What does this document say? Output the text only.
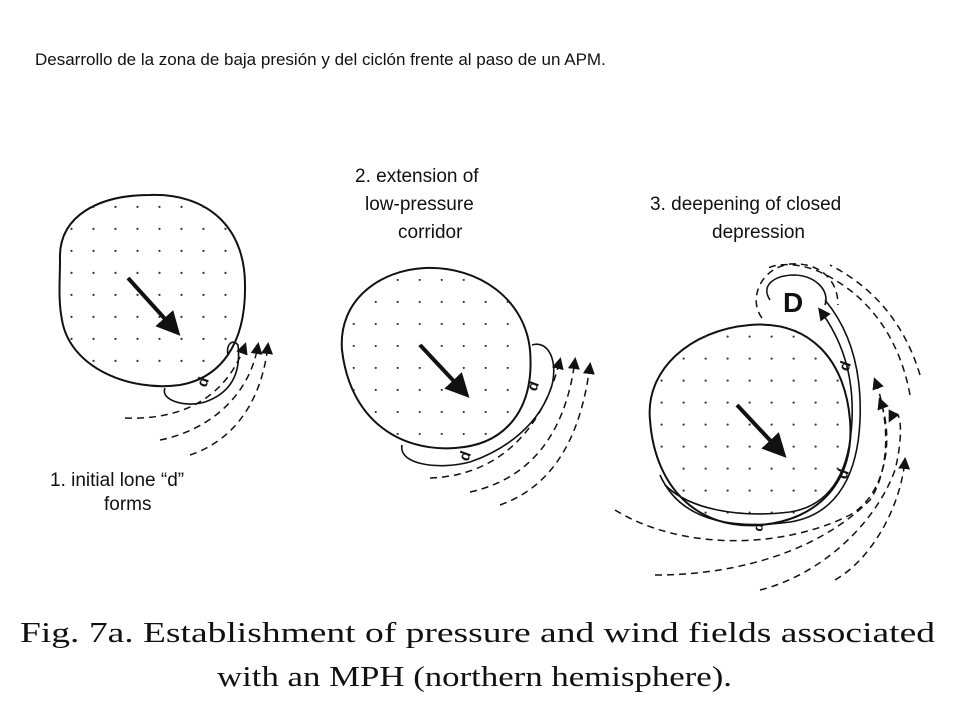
Desarrollo de la zona de baja presión y del ciclón frente al paso de un APM.
d
1. initial lone “d”
forms
2. extension of
low-pressure
corridor
d
d
3. deepening of closed
depression
D
d
d
d
Fig. 7a. Establishment of pressure and wind fields associated
with an MPH (northern hemisphere).
